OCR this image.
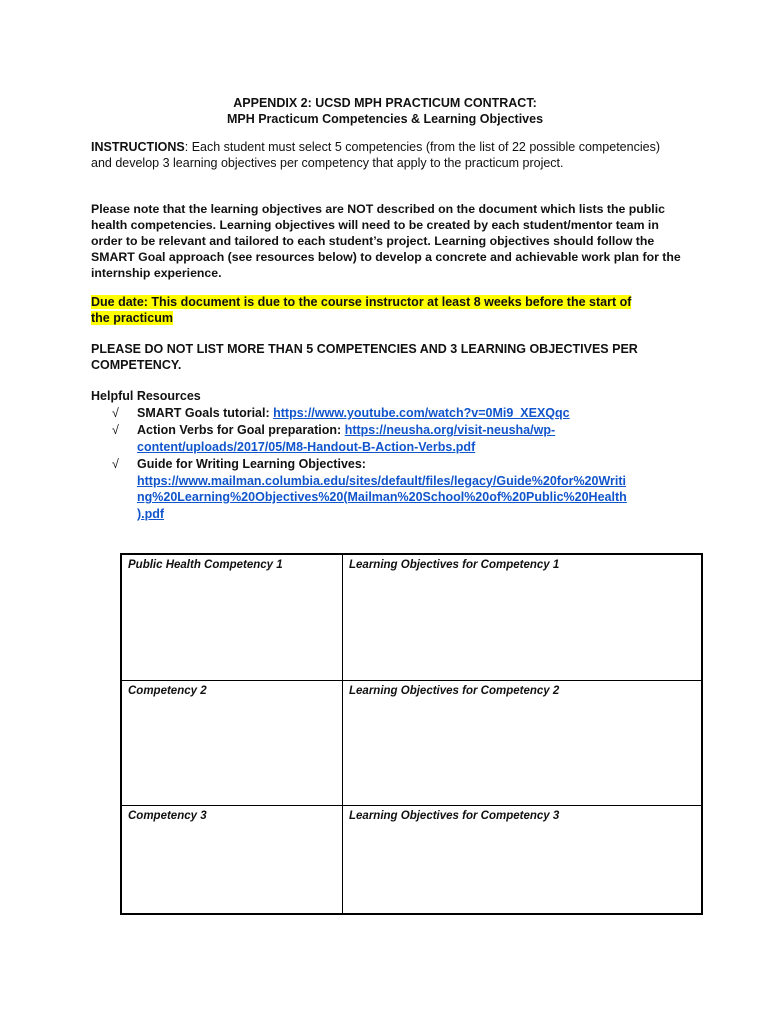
APPENDIX 2: UCSD MPH PRACTICUM CONTRACT:
MPH Practicum Competencies & Learning Objectives
INSTRUCTIONS: Each student must select 5 competencies (from the list of 22 possible competencies) and develop 3 learning objectives per competency that apply to the practicum project.
Please note that the learning objectives are NOT described on the document which lists the public health competencies. Learning objectives will need to be created by each student/mentor team in order to be relevant and tailored to each student’s project. Learning objectives should follow the SMART Goal approach (see resources below) to develop a concrete and achievable work plan for the internship experience.
Due date: This document is due to the course instructor at least 8 weeks before the start of
the practicum
PLEASE DO NOT LIST MORE THAN 5 COMPETENCIES AND 3 LEARNING OBJECTIVES PER COMPETENCY.
Helpful Resources
√ SMART Goals tutorial: https://www.youtube.com/watch?v=0Mi9_XEXQqc
√ Action Verbs for Goal preparation: https://neusha.org/visit-neusha/wp-
content/uploads/2017/05/M8-Handout-B-Action-Verbs.pdf
√ Guide for Writing Learning Objectives:
https://www.mailman.columbia.edu/sites/default/files/legacy/Guide%20for%20Writi
ng%20Learning%20Objectives%20(Mailman%20School%20of%20Public%20Health
).pdf
Public Health Competency 1	Learning Objectives for Competency 1
Competency 2	Learning Objectives for Competency 2
Competency 3	Learning Objectives for Competency 3
